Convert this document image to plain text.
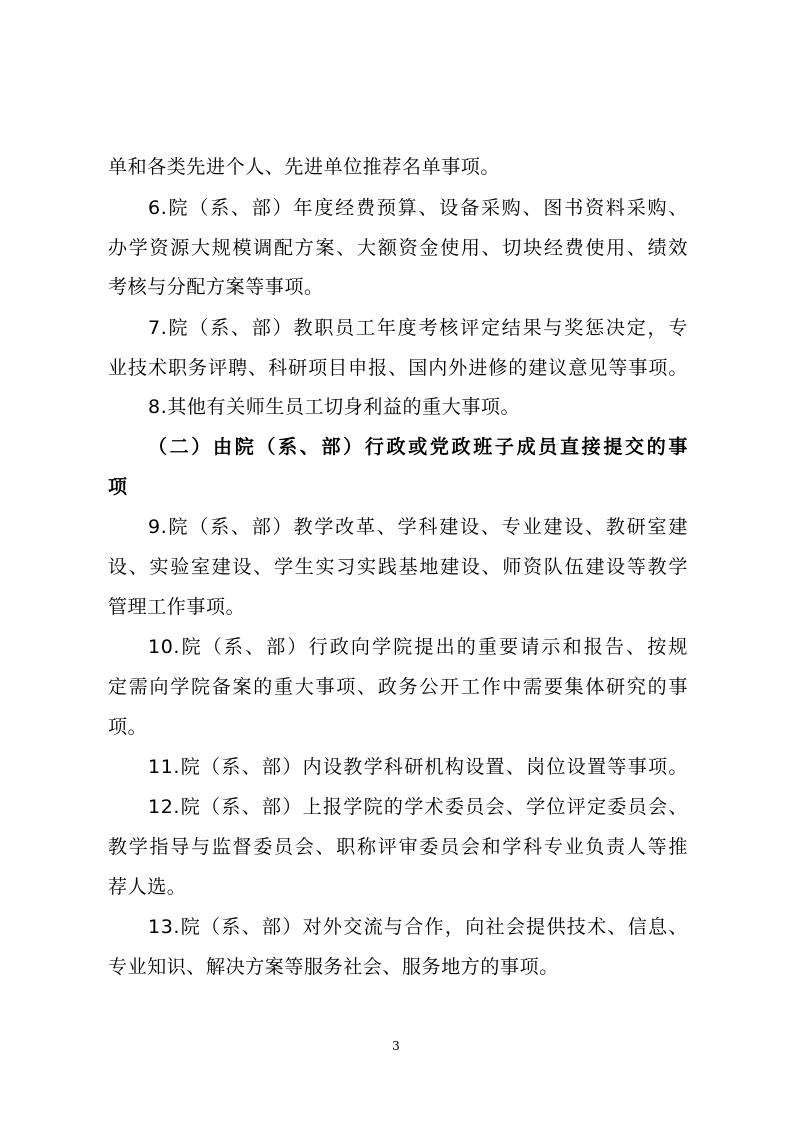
单和各类先进个人、先进单位推荐名单事项。
6.院（系、部）年度经费预算、设备采购、图书资料采购、
办学资源大规模调配方案、大额资金使用、切块经费使用、绩效
考核与分配方案等事项。
7.院（系、部）教职员工年度考核评定结果与奖惩决定，专
业技术职务评聘、科研项目申报、国内外进修的建议意见等事项。
8.其他有关师生员工切身利益的重大事项。
（二）由院（系、部）行政或党政班子成员直接提交的事
项
9.院（系、部）教学改革、学科建设、专业建设、教研室建
设、实验室建设、学生实习实践基地建设、师资队伍建设等教学
管理工作事项。
10.院（系、部）行政向学院提出的重要请示和报告、按规
定需向学院备案的重大事项、政务公开工作中需要集体研究的事
项。
11.院（系、部）内设教学科研机构设置、岗位设置等事项。
12.院（系、部）上报学院的学术委员会、学位评定委员会、
教学指导与监督委员会、职称评审委员会和学科专业负责人等推
荐人选。
13.院（系、部）对外交流与合作，向社会提供技术、信息、
专业知识、解决方案等服务社会、服务地方的事项。
3
